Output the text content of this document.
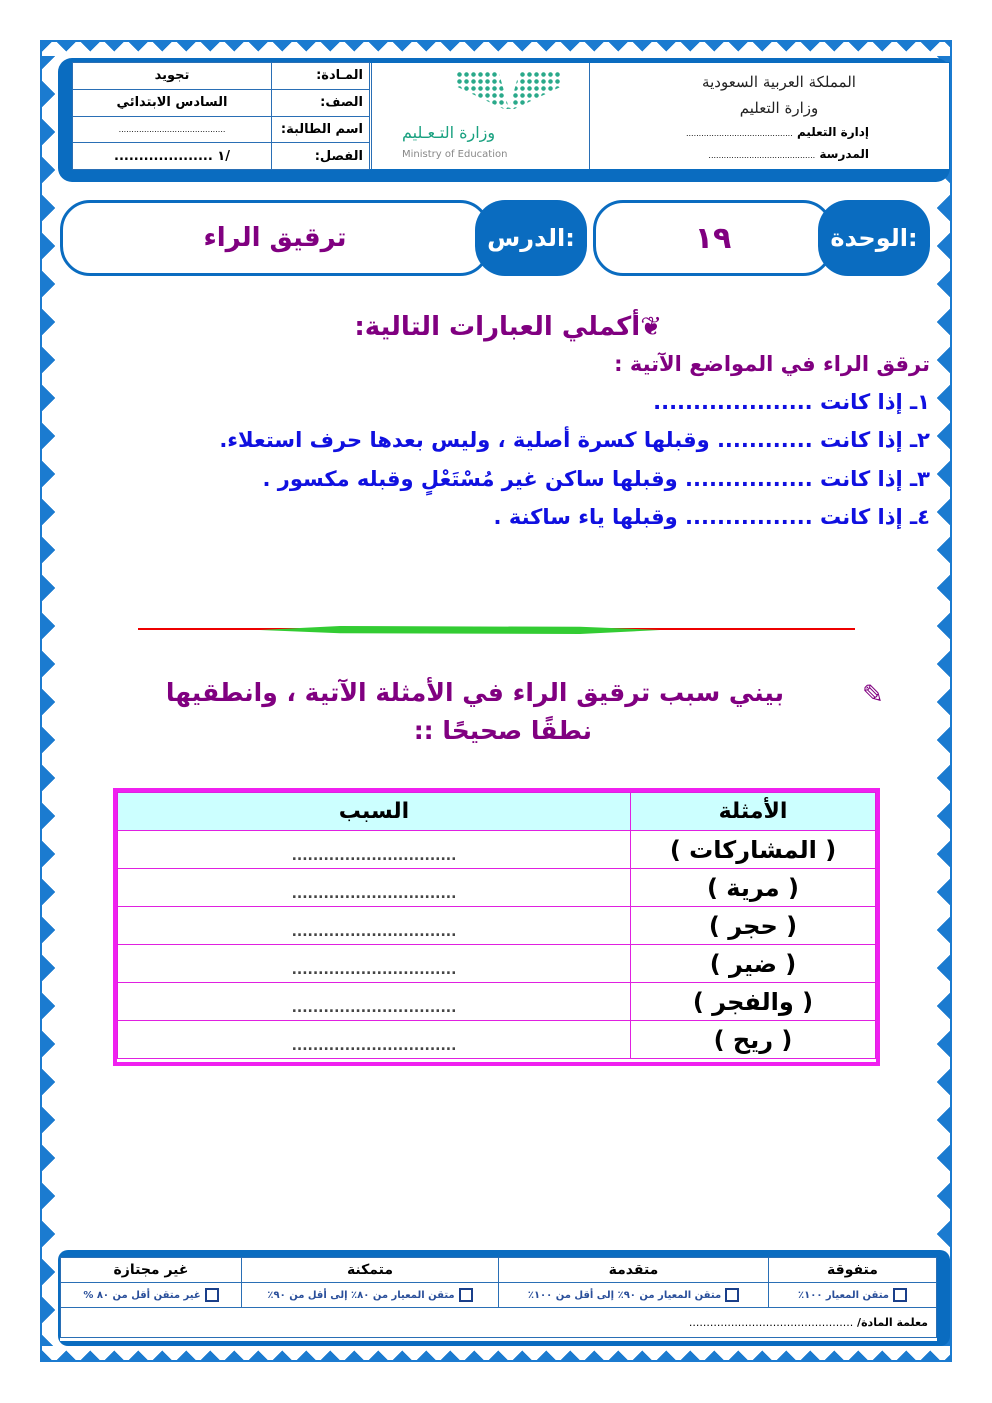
المملكة العربية السعودية وزارة التعليم
إدارة التعليم ..........................................
المدرسة ..........................................
وزارة التـعـليم
Ministry of Education
المـادة:	تجويد
الصف:	السادس الابتدائي
اسم الطالبة:	..........................................
الفصل:	/١ ....................
١٩	الوحدة:
ترقيق الراء	الدرس:
❦أكملي العبارات التالية:
ترقق الراء في المواضع الآتية :
١ـ إذا كانت ....................
٢ـ إذا كانت ............ وقبلها كسرة أصلية ، وليس بعدها حرف استعلاء.
٣ـ إذا كانت ................ وقبلها ساكن غير مُسْتَعْلٍ وقبله مكسور .
٤ـ إذا كانت ................ وقبلها ياء ساكنة .
✎
بيني سبب ترقيق الراء في الأمثلة الآتية ، وانطقيها
نطقًا صحيحًا ::
الأمثلة	السبب
( المشاركات )	...............................
( مرية )	...............................
( حجر )	...............................
( ضير )	...............................
( والفجر )	...............................
( ريح )	...............................
متفوقة	متقدمة	متمكنة	غير مجتازة
متقن المعيار ١٠٠٪	متقن المعيار من ٩٠٪ إلى أقل من ١٠٠٪	متقن المعيار من ٨٠٪ إلى أقل من ٩٠٪	غير متقن أقل من ٨٠ %
معلمة المادة/ ...............................................			
